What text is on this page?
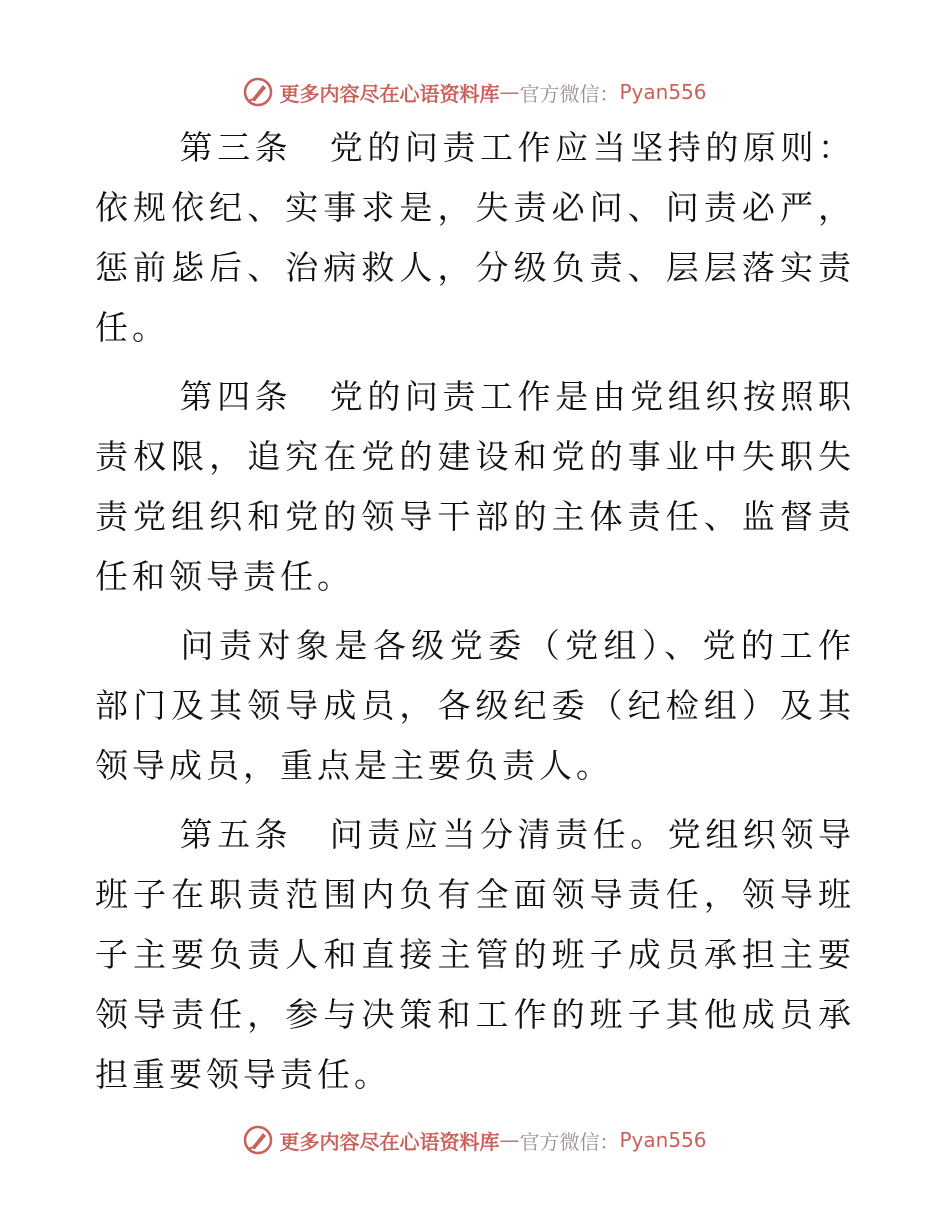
更多内容尽在心语资料库 — 官方微信： Pyan556

第三条　党的问责工作应当坚持的原则：依规依纪、实事求是，失责必问、问责必严，惩前毖后、治病救人，分级负责、层层落实责任。

第四条　党的问责工作是由党组织按照职责权限，追究在党的建设和党的事业中失职失责党组织和党的领导干部的主体责任、监督责任和领导责任。

问责对象是各级党委（党组）、党的工作部门及其领导成员，各级纪委（纪检组）及其领导成员，重点是主要负责人。

第五条　问责应当分清责任。党组织领导班子在职责范围内负有全面领导责任，领导班子主要负责人和直接主管的班子成员承担主要领导责任，参与决策和工作的班子其他成员承担重要领导责任。

更多内容尽在心语资料库 — 官方微信： Pyan556
